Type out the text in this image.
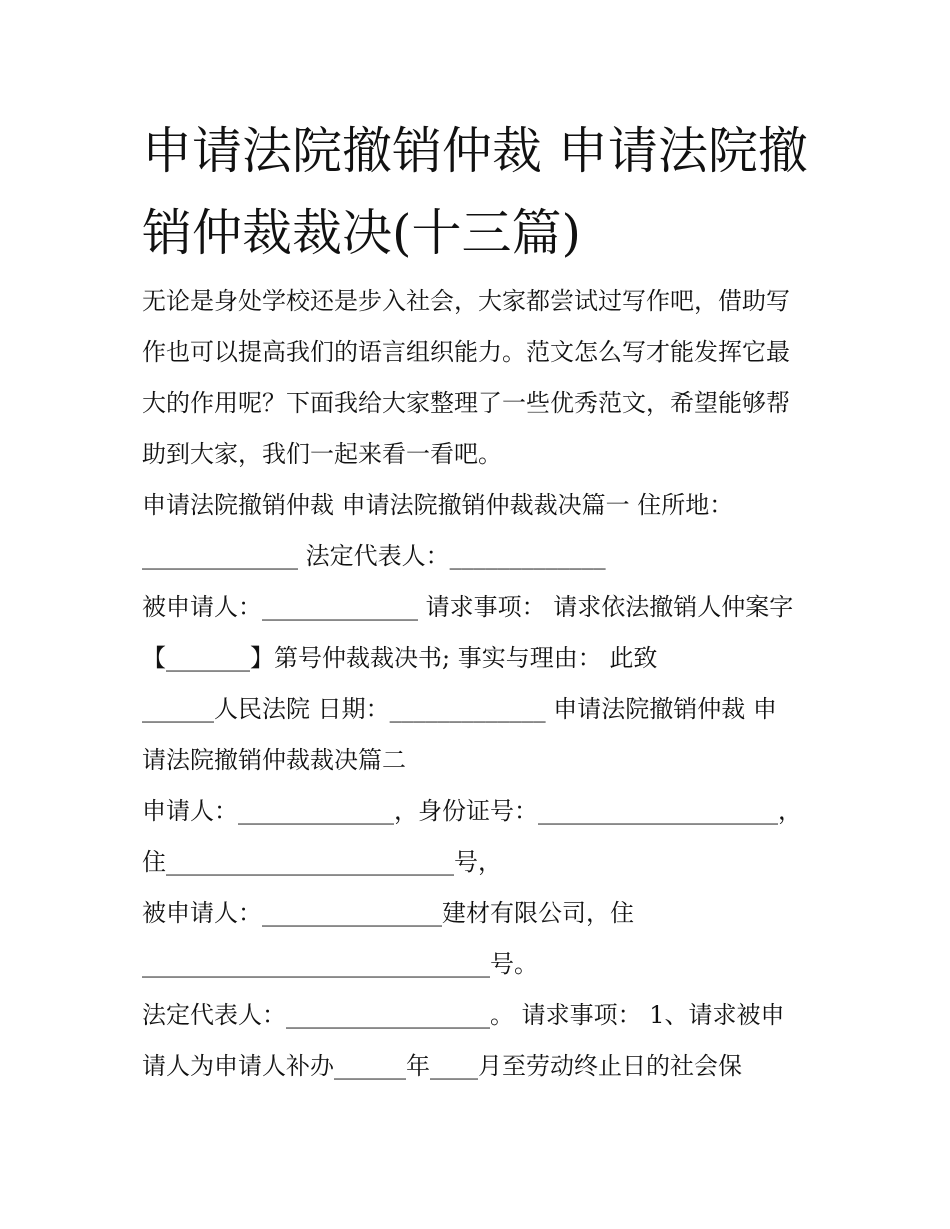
申请法院撤销仲裁 申请法院撤
销仲裁裁决(十三篇)

无论是身处学校还是步入社会，大家都尝试过写作吧，借助写

作也可以提高我们的语言组织能力。范文怎么写才能发挥它最

大的作用呢？下面我给大家整理了一些优秀范文，希望能够帮

助到大家，我们一起来看一看吧。

申请法院撤销仲裁 申请法院撤销仲裁裁决篇一 住所地：

_____________ 法定代表人：_____________

被申请人：_____________ 请求事项： 请求依法撤销人仲案字

【_______】第号仲裁裁决书; 事实与理由： 此致

______人民法院 日期：_____________ 申请法院撤销仲裁 申

请法院撤销仲裁裁决篇二

申请人：_____________，身份证号：____________________，

住________________________号，

被申请人：_______________建材有限公司，住

_____________________________号。

法定代表人：_________________。 请求事项： 1、请求被申

请人为申请人补办______年____月至劳动终止日的社会保
